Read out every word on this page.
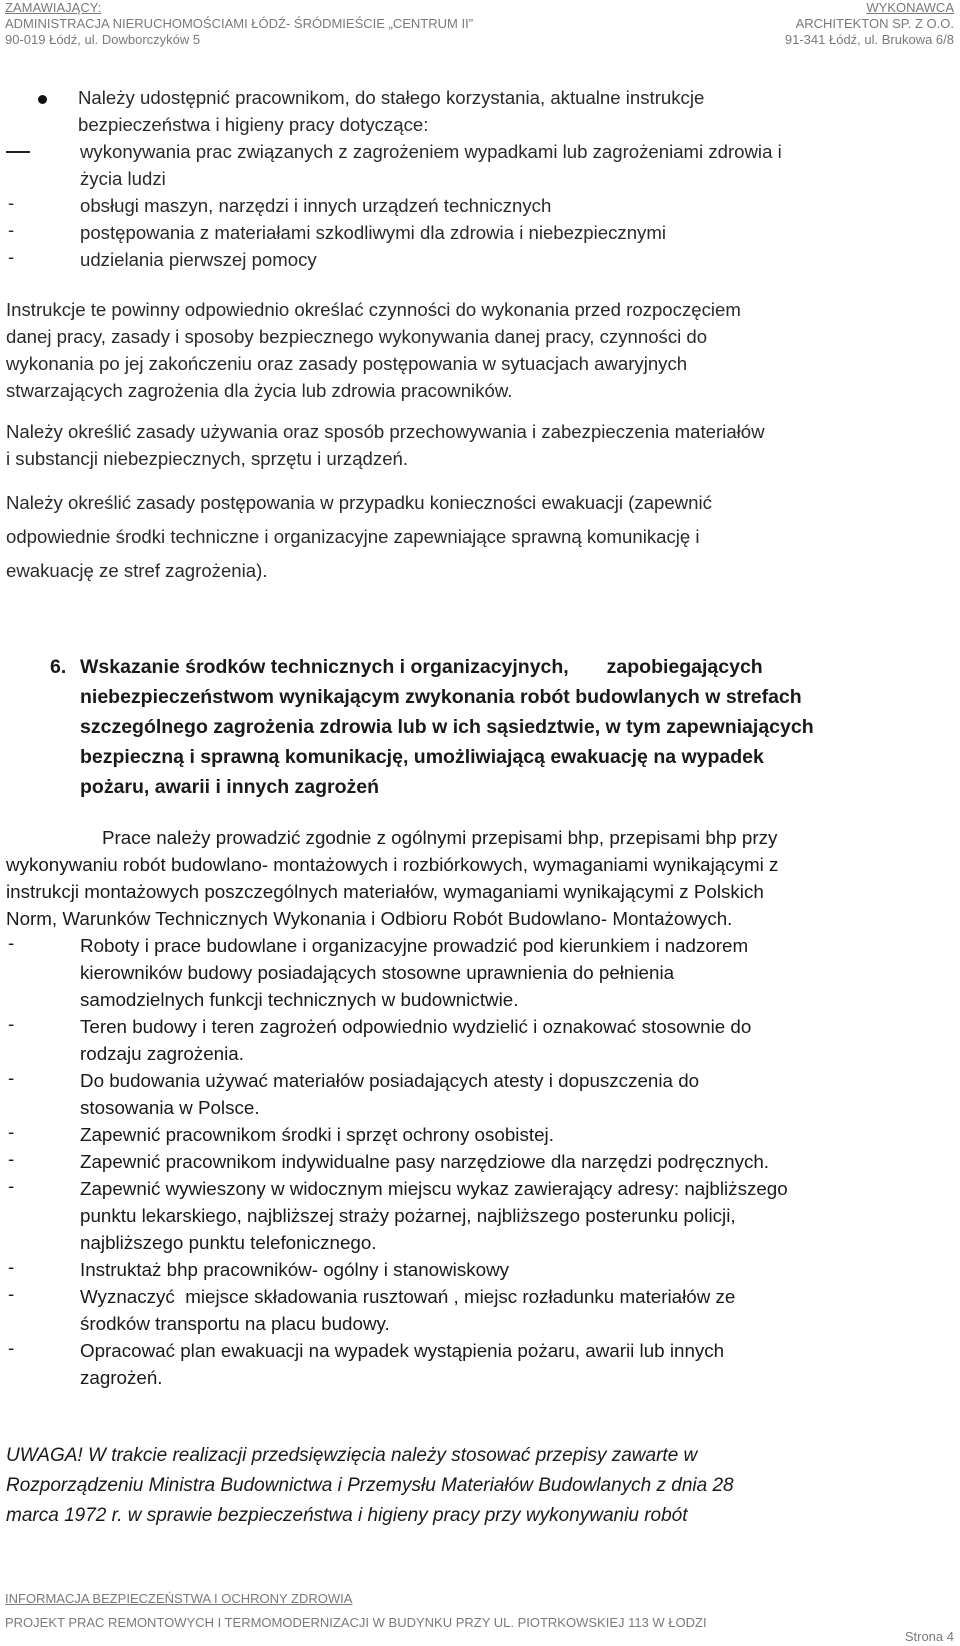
ZAMAWIAJĄCY:	WYKONAWCA
ADMINISTRACJA NIERUCHOMOŚCIAMI ŁÓDŹ- ŚRÓDMIEŚCIE „CENTRUM II”	ARCHITEKTON SP. Z O.O.
90-019 Łódź, ul. Dowborczyków 5	91-341 Łódź, ul. Brukowa 6/8
Należy udostępnić pracownikom, do stałego korzystania, aktualne instrukcje
bezpieczeństwa i higieny pracy dotyczące:
wykonywania prac związanych z zagrożeniem wypadkami lub zagrożeniami zdrowia i
życia ludzi
-	obsługi maszyn, narzędzi i innych urządzeń technicznych
-	postępowania z materiałami szkodliwymi dla zdrowia i niebezpiecznymi
-	udzielania pierwszej pomocy
Instrukcje te powinny odpowiednio określać czynności do wykonania przed rozpoczęciem
danej pracy, zasady i sposoby bezpiecznego wykonywania danej pracy, czynności do
wykonania po jej zakończeniu oraz zasady postępowania w sytuacjach awaryjnych
stwarzających zagrożenia dla życia lub zdrowia pracowników.
Należy określić zasady używania oraz sposób przechowywania i zabezpieczenia materiałów
i substancji niebezpiecznych, sprzętu i urządzeń.
Należy określić zasady postępowania w przypadku konieczności ewakuacji (zapewnić
odpowiednie środki techniczne i organizacyjne zapewniające sprawną komunikację i
ewakuację ze stref zagrożenia).
6. Wskazanie środków technicznych i organizacyjnych,       zapobiegających
niebezpieczeństwom wynikającym zwykonania robót budowlanych w strefach
szczególnego zagrożenia zdrowia lub w ich sąsiedztwie, w tym zapewniających
bezpieczną i sprawną komunikację, umożliwiającą ewakuację na wypadek
pożaru, awarii i innych zagrożeń
Prace należy prowadzić zgodnie z ogólnymi przepisami bhp, przepisami bhp przy
wykonywaniu robót budowlano- montażowych i rozbiórkowych, wymaganiami wynikającymi z
instrukcji montażowych poszczególnych materiałów, wymaganiami wynikającymi z Polskich
Norm, Warunków Technicznych Wykonania i Odbioru Robót Budowlano- Montażowych.
-	Roboty i prace budowlane i organizacyjne prowadzić pod kierunkiem i nadzorem
kierowników budowy posiadających stosowne uprawnienia do pełnienia
samodzielnych funkcji technicznych w budownictwie.
-	Teren budowy i teren zagrożeń odpowiednio wydzielić i oznakować stosownie do
rodzaju zagrożenia.
-	Do budowania używać materiałów posiadających atesty i dopuszczenia do
stosowania w Polsce.
-	Zapewnić pracownikom środki i sprzęt ochrony osobistej.
-	Zapewnić pracownikom indywidualne pasy narzędziowe dla narzędzi podręcznych.
-	Zapewnić wywieszony w widocznym miejscu wykaz zawierający adresy: najbliższego
punktu lekarskiego, najbliższej straży pożarnej, najbliższego posterunku policji,
najbliższego punktu telefonicznego.
-	Instruktaż bhp pracowników- ogólny i stanowiskowy
-	Wyznaczyć  miejsce składowania rusztowań , miejsc rozładunku materiałów ze
środków transportu na placu budowy.
-	Opracować plan ewakuacji na wypadek wystąpienia pożaru, awarii lub innych
zagrożeń.
UWAGA! W trakcie realizacji przedsięwzięcia należy stosować przepisy zawarte w
Rozporządzeniu Ministra Budownictwa i Przemysłu Materiałów Budowlanych z dnia 28
marca 1972 r. w sprawie bezpieczeństwa i higieny pracy przy wykonywaniu robót
INFORMACJA BEZPIECZEŃSTWA I OCHRONY ZDROWIA
PROJEKT PRAC REMONTOWYCH I TERMOMODERNIZACJI W BUDYNKU PRZY UL. PIOTRKOWSKIEJ 113 W ŁODZI
Strona 4
